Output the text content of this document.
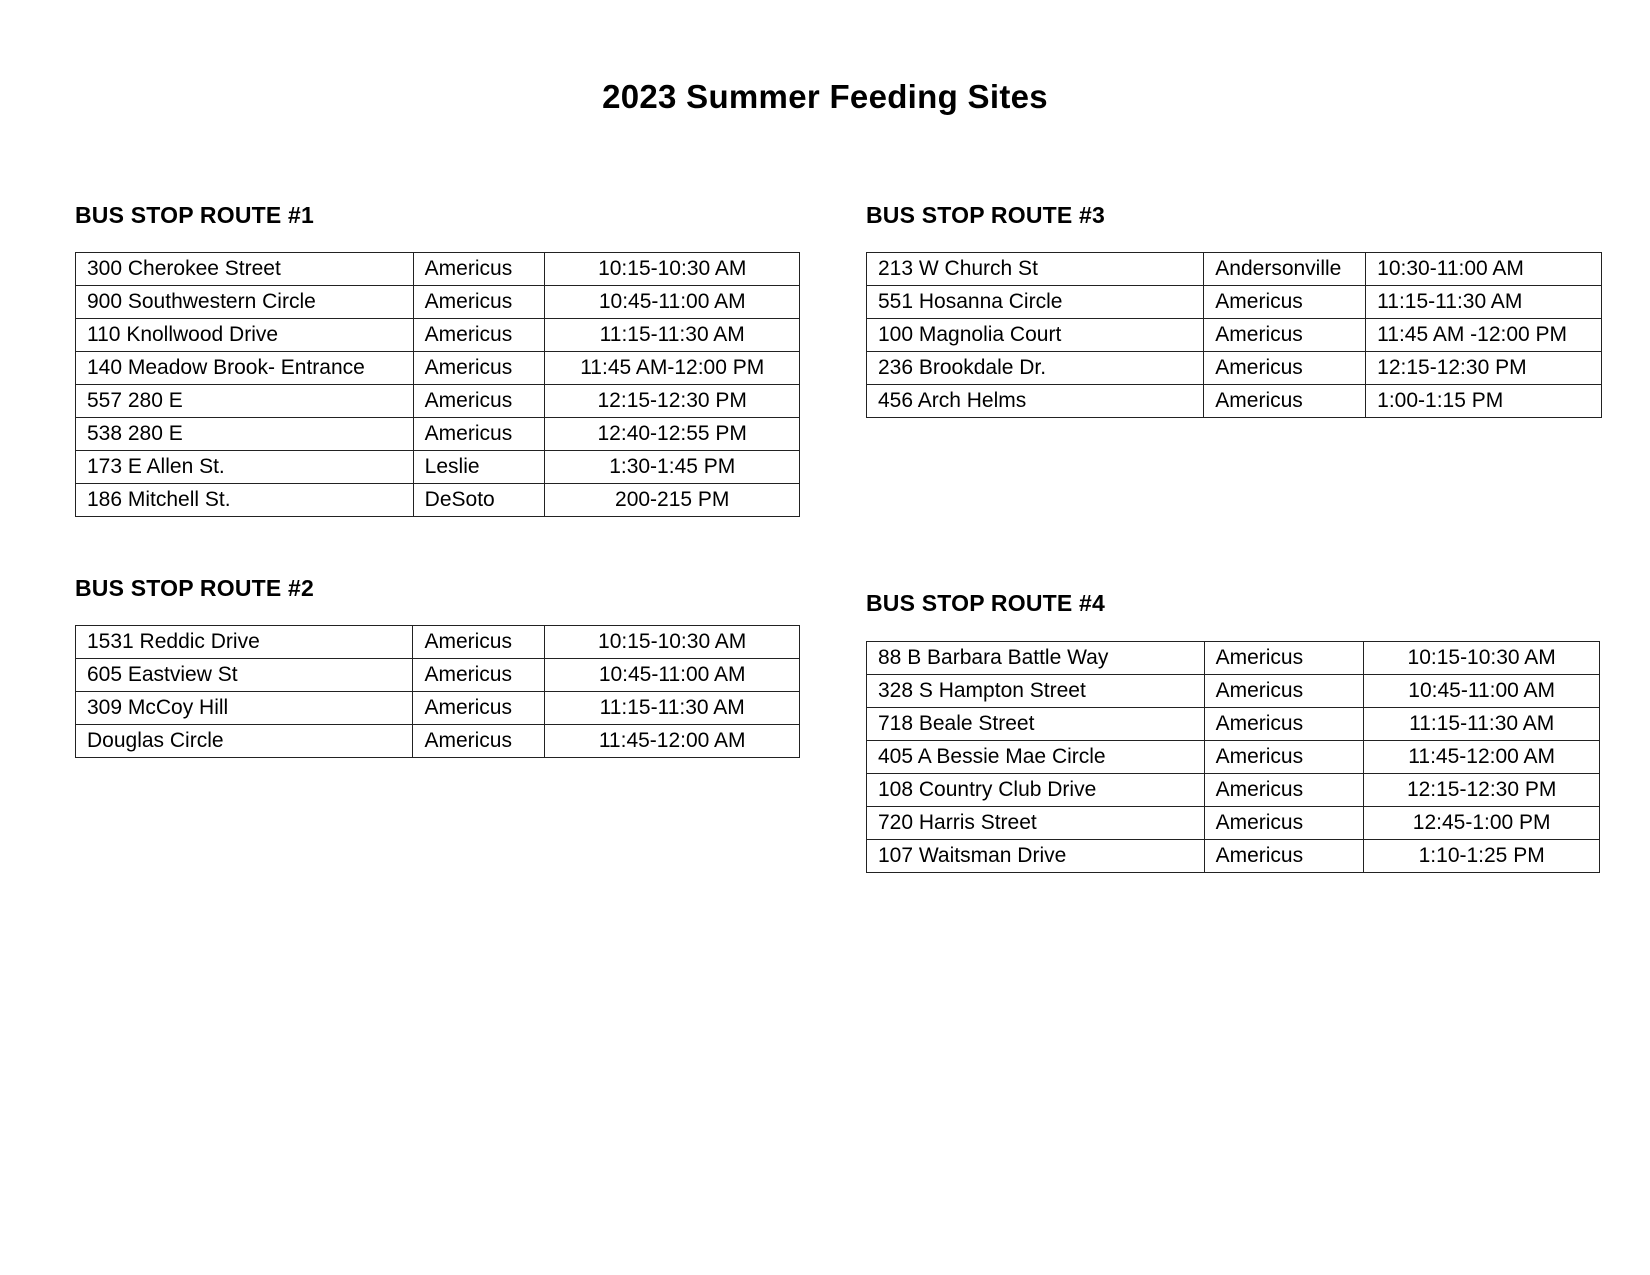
2023 Summer Feeding Sites
BUS STOP ROUTE #1
300 Cherokee Street	Americus	10:15-10:30 AM
900 Southwestern Circle	Americus	10:45-11:00 AM
110 Knollwood Drive	Americus	11:15-11:30 AM
140 Meadow Brook- Entrance	Americus	11:45 AM-12:00 PM
557 280 E	Americus	12:15-12:30 PM
538 280 E	Americus	12:40-12:55 PM
173 E Allen St.	Leslie	1:30-1:45 PM
186 Mitchell St.	DeSoto	200-215 PM
BUS STOP ROUTE #2
1531 Reddic Drive	Americus	10:15-10:30 AM
605 Eastview St	Americus	10:45-11:00 AM
309 McCoy Hill	Americus	11:15-11:30 AM
Douglas Circle	Americus	11:45-12:00 AM
BUS STOP ROUTE #3
213 W Church St	Andersonville	10:30-11:00 AM
551 Hosanna Circle	Americus	11:15-11:30 AM
100 Magnolia Court	Americus	11:45 AM -12:00 PM
236 Brookdale Dr.	Americus	12:15-12:30 PM
456 Arch Helms	Americus	1:00-1:15 PM
BUS STOP ROUTE #4
88 B Barbara Battle Way	Americus	10:15-10:30 AM
328 S Hampton Street	Americus	10:45-11:00 AM
718 Beale Street	Americus	11:15-11:30 AM
405 A Bessie Mae Circle	Americus	11:45-12:00 AM
108 Country Club Drive	Americus	12:15-12:30 PM
720 Harris Street	Americus	12:45-1:00 PM
107 Waitsman Drive	Americus	1:10-1:25 PM
